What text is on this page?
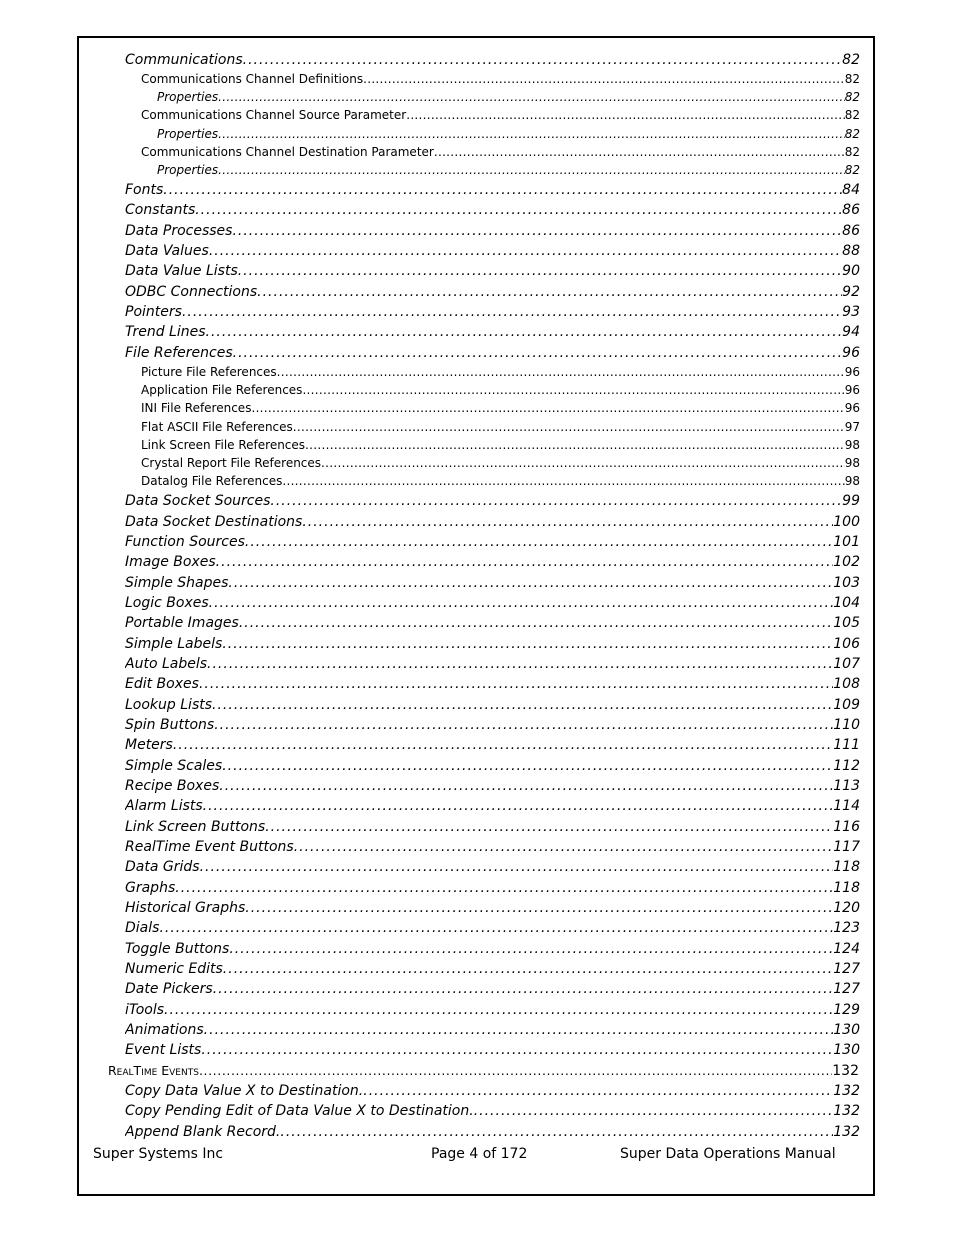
Communications .....	82
Communications Channel Definitions .....	82
Properties .....	82
Communications Channel Source Parameter .....	82
Properties .....	82
Communications Channel Destination Parameter .....	82
Properties .....	82
Fonts .....	84
Constants .....	86
Data Processes .....	86
Data Values .....	88
Data Value Lists .....	90
ODBC Connections .....	92
Pointers .....	93
Trend Lines .....	94
File References .....	96
Picture File References .....	96
Application File References .....	96
INI File References .....	96
Flat ASCII File References .....	97
Link Screen File References .....	98
Crystal Report File References .....	98
Datalog File References .....	98
Data Socket Sources .....	99
Data Socket Destinations .....	100
Function Sources .....	101
Image Boxes .....	102
Simple Shapes .....	103
Logic Boxes .....	104
Portable Images .....	105
Simple Labels .....	106
Auto Labels .....	107
Edit Boxes .....	108
Lookup Lists .....	109
Spin Buttons .....	110
Meters .....	111
Simple Scales .....	112
Recipe Boxes .....	113
Alarm Lists .....	114
Link Screen Buttons .....	116
RealTime Event Buttons .....	117
Data Grids .....	118
Graphs .....	118
Historical Graphs .....	120
Dials .....	123
Toggle Buttons .....	124
Numeric Edits .....	127
Date Pickers .....	127
iTools .....	129
Animations .....	130
Event Lists .....	130
RealTime Events .....	132
Copy Data Value X to Destination. .....	132
Copy Pending Edit of Data Value X to Destination. .....	132
Append Blank Record. .....	132
Super Systems Inc	Page 4 of 172	Super Data Operations Manual
